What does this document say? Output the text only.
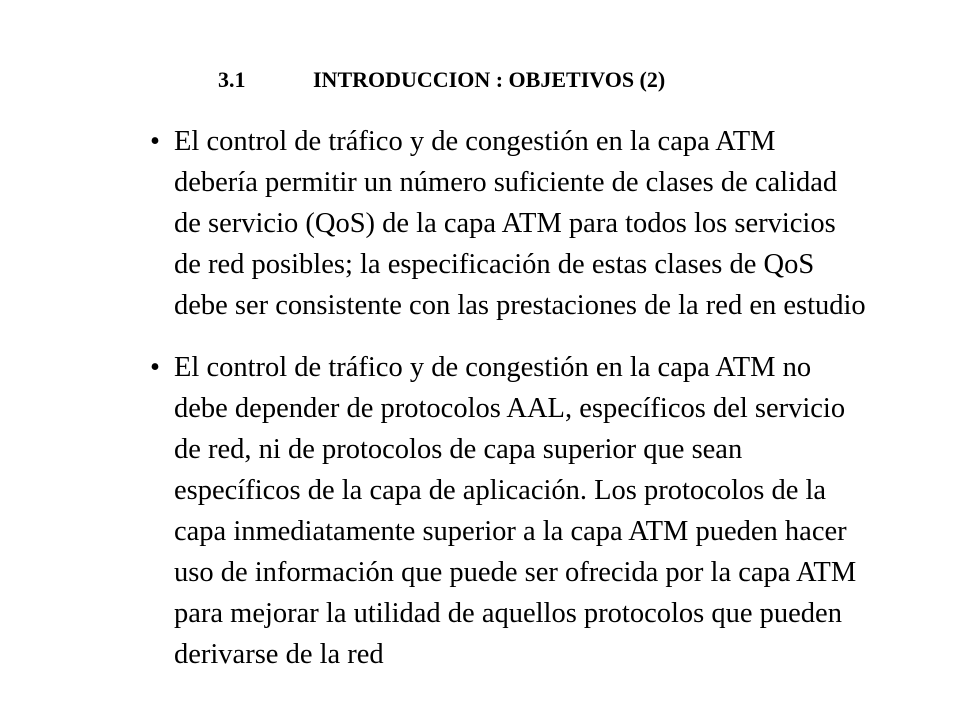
3.1	INTRODUCCION : OBJETIVOS (2)
• El control de tráfico y de congestión en la capa ATM
debería permitir un número suficiente de clases de calidad
de servicio (QoS) de la capa ATM para todos los servicios
de red posibles; la especificación de estas clases de QoS
debe ser consistente con las prestaciones de la red en estudio
• El control de tráfico y de congestión en la capa ATM no
debe depender de protocolos AAL, específicos del servicio
de red, ni de protocolos de capa superior que sean
específicos de la capa de aplicación. Los protocolos de la
capa inmediatamente superior a la capa ATM pueden hacer
uso de información que puede ser ofrecida por la capa ATM
para mejorar la utilidad de aquellos protocolos que pueden
derivarse de la red
